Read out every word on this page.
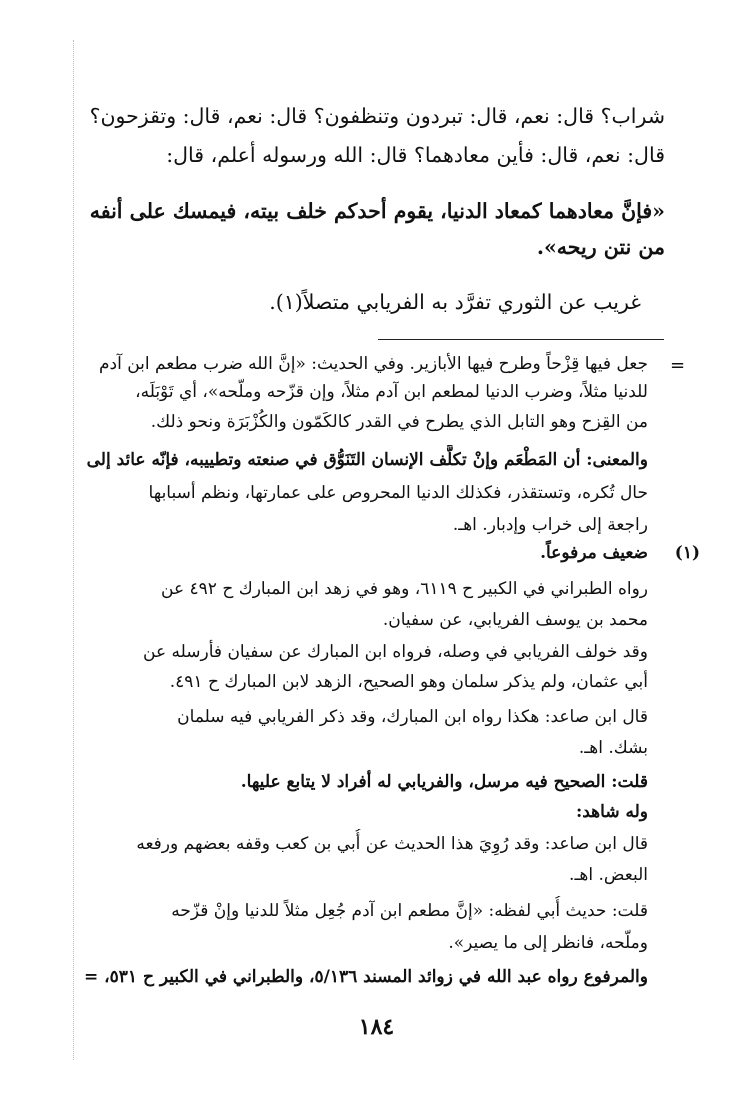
شراب؟ قال: نعم، قال: تبردون وتنظفون؟ قال: نعم، قال: وتقزحون؟
قال: نعم، قال: فأين معادهما؟ قال: الله ورسوله أعلم، قال:
«فإنَّ معادهما كمعاد الدنيا، يقوم أحدكم خلف بيته، فيمسك على أنفه
من نتن ريحه».
غريب عن الثوري تفرَّد به الفريابي متصلاً(١).
=
جعل فيها قِزْحاً وطرح فيها الأبازير. وفي الحديث: «إنَّ الله ضرب مطعم ابن آدم
للدنيا مثلاً، وضرب الدنيا لمطعم ابن آدم مثلاً، وإن قزّحه وملّحه»، أي تَوْبَلَه،
من القِزح وهو التابل الذي يطرح في القدر كالكَمّون والكُزْبَرَة ونحو ذلك.
والمعنى: أن المَطْعَم وإنْ تكلَّف الإنسان التَنَوُّق في صنعته وتطييبه، فإنّه عائد إلى
حال تُكره، وتستقذر، فكذلك الدنيا المحروص على عمارتها، ونظم أسبابها
راجعة إلى خراب وإدبار. اهـ.
(١)
ضعيف مرفوعاً.
رواه الطبراني في الكبير ح ٦١١٩، وهو في زهد ابن المبارك ح ٤٩٢ عن
محمد بن يوسف الفريابي، عن سفيان.
وقد خولف الفريابي في وصله، فرواه ابن المبارك عن سفيان فأرسله عن
أبي عثمان، ولم يذكر سلمان وهو الصحيح، الزهد لابن المبارك ح ٤٩١.
قال ابن صاعد: هكذا رواه ابن المبارك، وقد ذكر الفريابي فيه سلمان
بشك. اهـ.
قلت: الصحيح فيه مرسل، والفريابي له أفراد لا يتابع عليها.
وله شاهد:
قال ابن صاعد: وقد رُوِيَ هذا الحديث عن أُبي بن كعب وقفه بعضهم ورفعه
البعض. اهـ.
قلت: حديث أُبي لفظه: «إنَّ مطعم ابن آدم جُعِل مثلاً للدنيا وإنْ قزّحه
وملّحه، فانظر إلى ما يصير».
والمرفوع رواه عبد الله في زوائد المسند ٥/١٣٦، والطبراني في الكبير ح ٥٣١، =
١٨٤
